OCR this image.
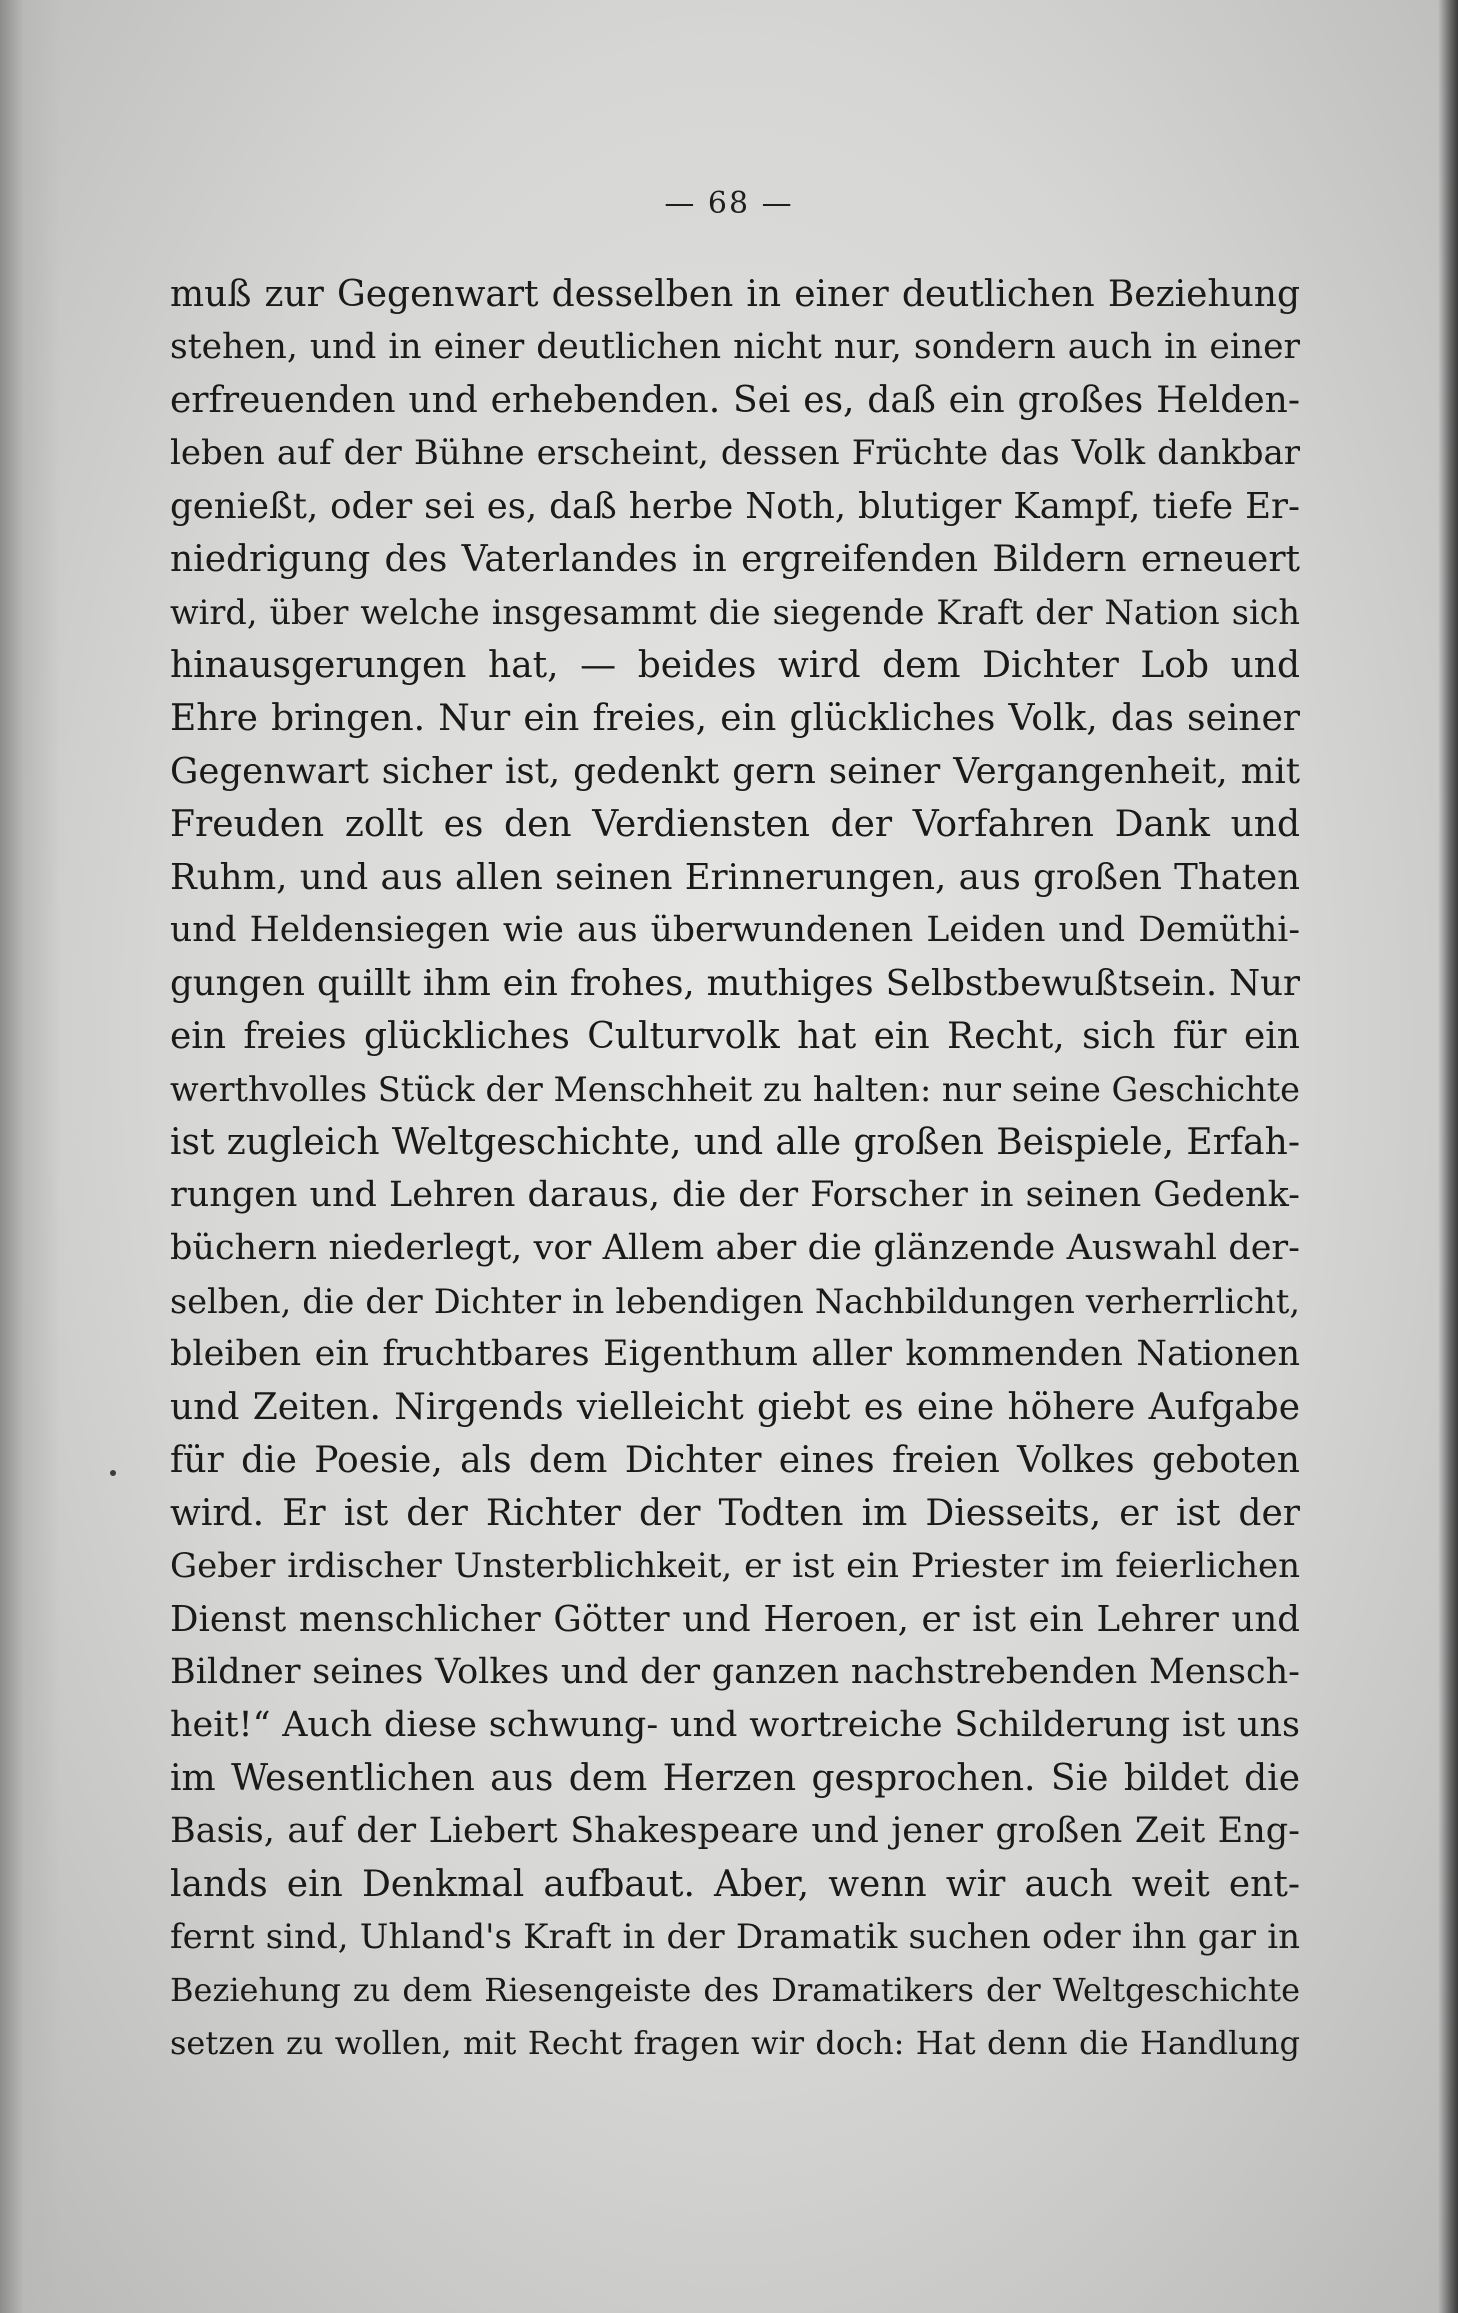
— 68 —
muß zur Gegenwart desselben in einer deutlichen Beziehung
stehen, und in einer deutlichen nicht nur, sondern auch in einer
erfreuenden und erhebenden. Sei es, daß ein großes Helden-
leben auf der Bühne erscheint, dessen Früchte das Volk dankbar
genießt, oder sei es, daß herbe Noth, blutiger Kampf, tiefe Er-
niedrigung des Vaterlandes in ergreifenden Bildern erneuert
wird, über welche insgesammt die siegende Kraft der Nation sich
hinausgerungen hat, — beides wird dem Dichter Lob und
Ehre bringen. Nur ein freies, ein glückliches Volk, das seiner
Gegenwart sicher ist, gedenkt gern seiner Vergangenheit, mit
Freuden zollt es den Verdiensten der Vorfahren Dank und
Ruhm, und aus allen seinen Erinnerungen, aus großen Thaten
und Heldensiegen wie aus überwundenen Leiden und Demüthi-
gungen quillt ihm ein frohes, muthiges Selbstbewußtsein. Nur
ein freies glückliches Culturvolk hat ein Recht, sich für ein
werthvolles Stück der Menschheit zu halten: nur seine Geschichte
ist zugleich Weltgeschichte, und alle großen Beispiele, Erfah-
rungen und Lehren daraus, die der Forscher in seinen Gedenk-
büchern niederlegt, vor Allem aber die glänzende Auswahl der-
selben, die der Dichter in lebendigen Nachbildungen verherrlicht,
bleiben ein fruchtbares Eigenthum aller kommenden Nationen
und Zeiten. Nirgends vielleicht giebt es eine höhere Aufgabe
für die Poesie, als dem Dichter eines freien Volkes geboten
wird. Er ist der Richter der Todten im Diesseits, er ist der
Geber irdischer Unsterblichkeit, er ist ein Priester im feierlichen
Dienst menschlicher Götter und Heroen, er ist ein Lehrer und
Bildner seines Volkes und der ganzen nachstrebenden Mensch-
heit!“ Auch diese schwung- und wortreiche Schilderung ist uns
im Wesentlichen aus dem Herzen gesprochen. Sie bildet die
Basis, auf der Liebert Shakespeare und jener großen Zeit Eng-
lands ein Denkmal aufbaut. Aber, wenn wir auch weit ent-
fernt sind, Uhland's Kraft in der Dramatik suchen oder ihn gar in
Beziehung zu dem Riesengeiste des Dramatikers der Weltgeschichte
setzen zu wollen, mit Recht fragen wir doch: Hat denn die Handlung
